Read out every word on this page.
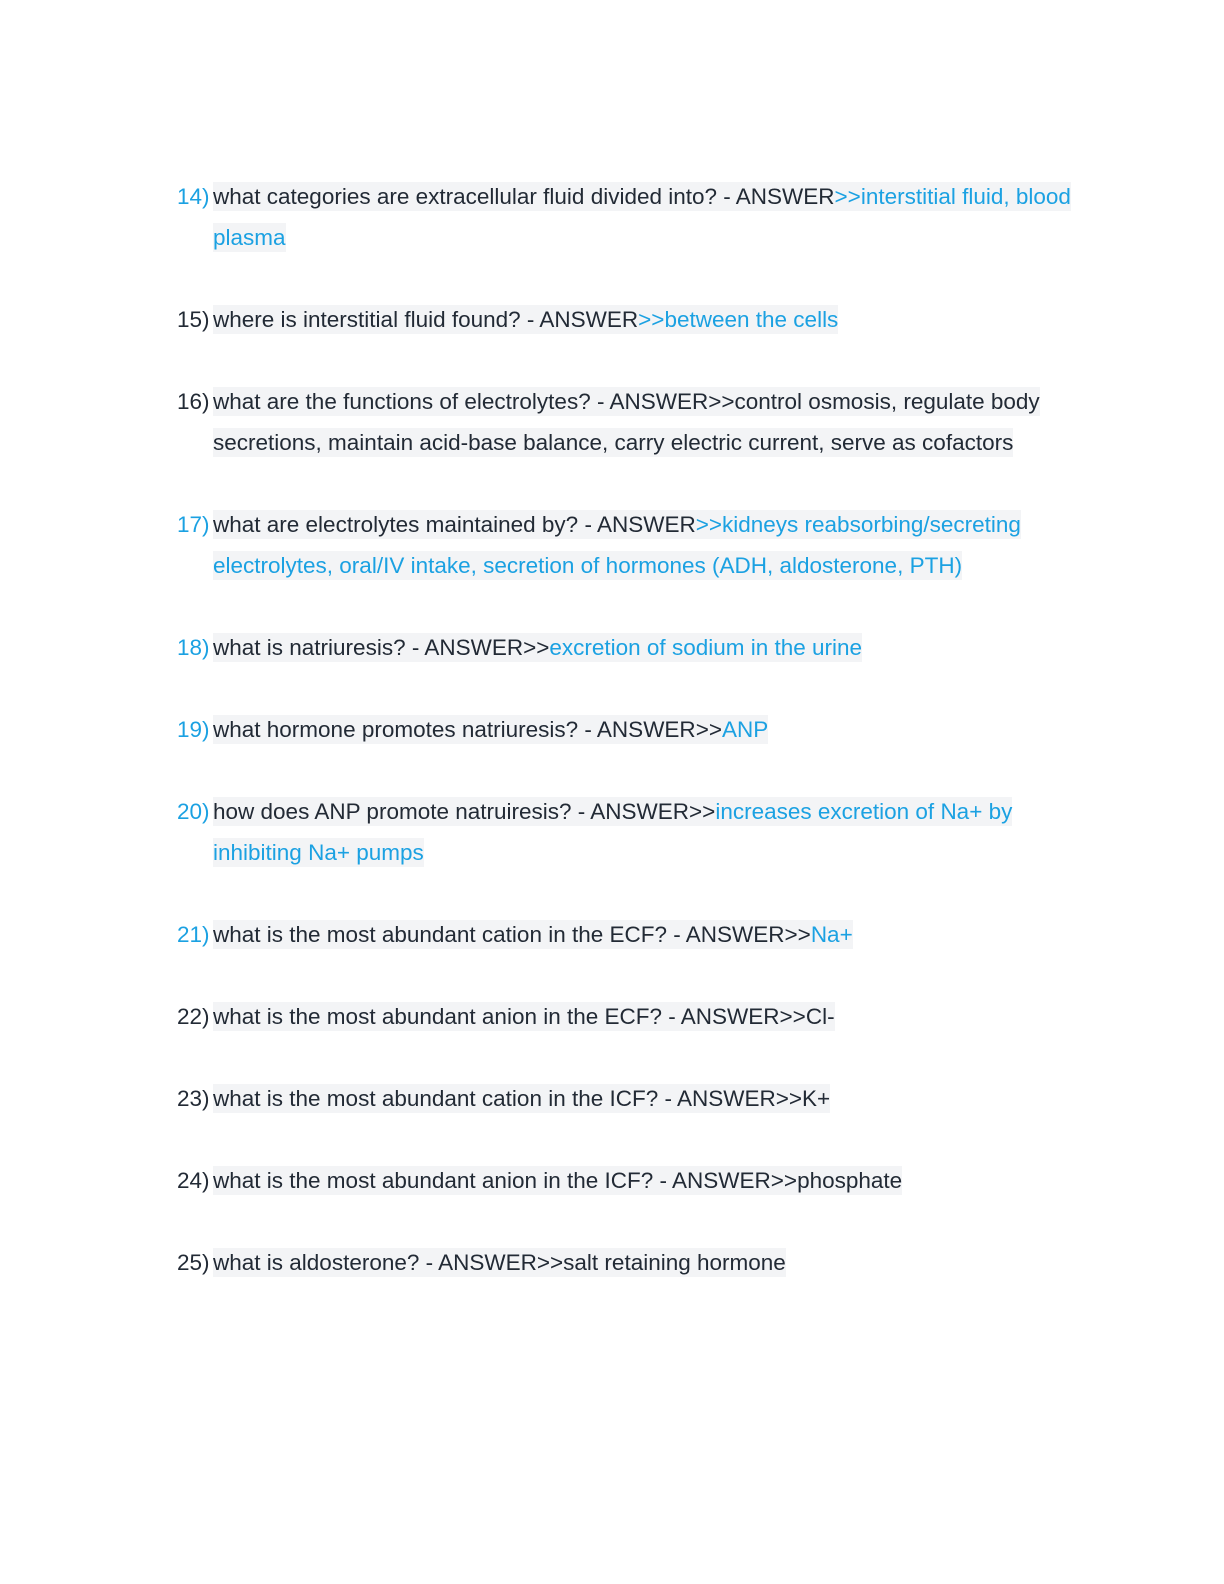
14) what categories are extracellular fluid divided into? - ANSWER>>interstitial fluid, blood plasma
15) where is interstitial fluid found? - ANSWER>>between the cells
16) what are the functions of electrolytes? - ANSWER>>control osmosis, regulate body secretions, maintain acid-base balance, carry electric current, serve as cofactors
17) what are electrolytes maintained by? - ANSWER>>kidneys reabsorbing/secreting electrolytes, oral/IV intake, secretion of hormones (ADH, aldosterone, PTH)
18) what is natriuresis? - ANSWER>>excretion of sodium in the urine
19) what hormone promotes natriuresis? - ANSWER>>ANP
20) how does ANP promote natruiresis? - ANSWER>>increases excretion of Na+ by inhibiting Na+ pumps
21) what is the most abundant cation in the ECF? - ANSWER>>Na+
22) what is the most abundant anion in the ECF? - ANSWER>>Cl-
23) what is the most abundant cation in the ICF? - ANSWER>>K+
24) what is the most abundant anion in the ICF? - ANSWER>>phosphate
25) what is aldosterone? - ANSWER>>salt retaining hormone
